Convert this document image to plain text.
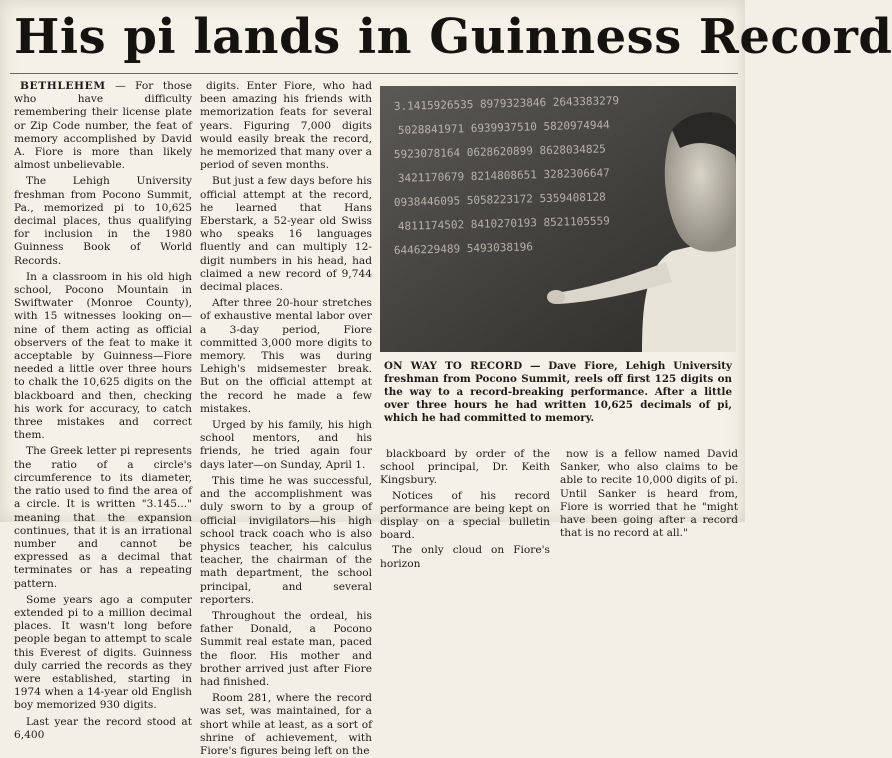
His pi lands in Guinness Record

BETHLEHEM — For those who have difficulty remembering their license plate or Zip Code number, the feat of memory accomplished by David A. Fiore is more than likely almost unbelievable.

The Lehigh University freshman from Pocono Summit, Pa., memorized pi to 10,625 decimal places, thus qualifying for inclusion in the 1980 Guinness Book of World Records.

In a classroom in his old high school, Pocono Mountain in Swiftwater (Monroe County), with 15 witnesses looking on—nine of them acting as official observers of the feat to make it acceptable by Guinness—Fiore needed a little over three hours to chalk the 10,625 digits on the blackboard and then, checking his work for accuracy, to catch three mistakes and correct them.

The Greek letter pi represents the ratio of a circle's circumference to its diameter, the ratio used to find the area of a circle. It is written "3.145..." meaning that the expansion continues, that it is an irrational number and cannot be expressed as a decimal that terminates or has a repeating pattern.

Some years ago a computer extended pi to a million decimal places. It wasn't long before people began to attempt to scale this Everest of digits. Guinness duly carried the records as they were established, starting in 1974 when a 14-year old English boy memorized 930 digits.

Last year the record stood at 6,400

digits. Enter Fiore, who had been amazing his friends with memorization feats for several years. Figuring 7,000 digits would easily break the record, he memorized that many over a period of seven months.

But just a few days before his official attempt at the record, he learned that Hans Eberstark, a 52-year old Swiss who speaks 16 languages fluently and can multiply 12-digit numbers in his head, had claimed a new record of 9,744 decimal places.

After three 20-hour stretches of exhaustive mental labor over a 3-day period, Fiore committed 3,000 more digits to memory. This was during Lehigh's midsemester break. But on the official attempt at the record he made a few mistakes.

Urged by his family, his high school mentors, and his friends, he tried again four days later—on Sunday, April 1.

This time he was successful, and the accomplishment was duly sworn to by a group of official invigilators—his high school track coach who is also physics teacher, his calculus teacher, the chairman of the math department, the school principal, and several reporters.

Throughout the ordeal, his father Donald, a Pocono Summit real estate man, paced the floor. His mother and brother arrived just after Fiore had finished.

Room 281, where the record was set, was maintained, for a short while at least, as a sort of shrine of achievement, with Fiore's figures being left on the

3.1415926535 8979323846 2643383279
5028841971 6939937510 5820974944
5923078164 0628620899 8628034825
3421170679 8214808651 3282306647
0938446095 5058223172 5359408128
4811174502 8410270193 8521105559
6446229489 5493038196
ON WAY TO RECORD — Dave Fiore, Lehigh University freshman from Pocono Summit, reels off first 125 digits on the way to a record-breaking performance. After a little over three hours he had written 10,625 decimals of pi, which he had committed to memory.

blackboard by order of the school principal, Dr. Keith Kingsbury.

Notices of his record performance are being kept on display on a special bulletin board.

The only cloud on Fiore's horizon

now is a fellow named David Sanker, who also claims to be able to recite 10,000 digits of pi. Until Sanker is heard from, Fiore is worried that he "might have been going after a record that is no record at all."
